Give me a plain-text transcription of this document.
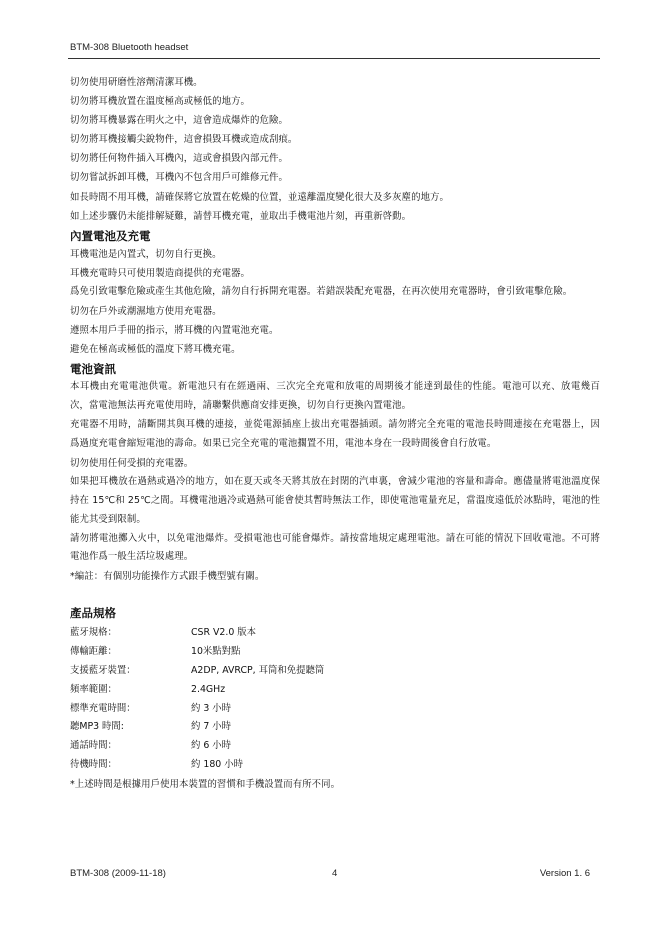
BTM-308 Bluetooth headset
切勿使用研磨性溶劑清潔耳機。
切勿將耳機放置在溫度極高或極低的地方。
切勿將耳機暴露在明火之中，這會造成爆炸的危險。
切勿將耳機接觸尖銳物件，這會損毀耳機或造成刮痕。
切勿將任何物件插入耳機內，這或會損毀內部元件。
切勿嘗試拆卸耳機，耳機內不包含用戶可維修元件。
如長時間不用耳機，請確保將它放置在乾燥的位置，並遠離溫度變化很大及多灰塵的地方。
如上述步驟仍未能排解疑難，請替耳機充電，並取出手機電池片刻，再重新啓動。
內置電池及充電
耳機電池是內置式，切勿自行更換。
耳機充電時只可使用製造商提供的充電器。

爲免引致電擊危險或產生其他危險，請勿自行拆開充電器。若錯誤裝配充電器，在再次使用充電器時，會引致電擊危險。

切勿在戶外或潮濕地方使用充電器。
遵照本用戶手冊的指示，將耳機的內置電池充電。
避免在極高或極低的溫度下將耳機充電。
電池資訊

本耳機由充電電池供電。新電池只有在經過兩、三次完全充電和放電的周期後才能達到最佳的性能。電池可以充、放電幾百次，當電池無法再充電使用時，請聯繫供應商安排更換，切勿自行更換內置電池。

充電器不用時，請斷開其與耳機的連接，並從電源插座上拔出充電器插頭。請勿將完全充電的電池長時間連接在充電器上，因爲過度充電會縮短電池的壽命。如果已完全充電的電池擱置不用，電池本身在一段時間後會自行放電。

切勿使用任何受損的充電器。

如果把耳機放在過熱或過冷的地方，如在夏天或冬天將其放在封閉的汽車裏，會減少電池的容量和壽命。應儘量將電池溫度保持在 15℃和 25℃之間。耳機電池過冷或過熱可能會使其暫時無法工作，即使電池電量充足，當溫度遠低於冰點時，電池的性能尤其受到限制。

請勿將電池擲入火中，以免電池爆炸。受損電池也可能會爆炸。請按當地規定處理電池。請在可能的情況下回收電池。不可將電池作爲一般生活垃圾處理。

*編註：有個別功能操作方式跟手機型號有關。
產品規格
藍牙規格：	CSR V2.0 版本
傳輸距離：	10米點對點
支援藍牙裝置：	A2DP, AVRCP, 耳筒和免提聽筒
頻率範圍：	2.4GHz
標準充電時間：	約 3 小時
聽MP3 時間:	約 7 小時
通話時間：	約 6 小時
待機時間：	約 180 小時
*上述時間是根據用戶使用本裝置的習慣和手機設置而有所不同。
BTM-308 (2009-11-18)	4	Version 1. 6
